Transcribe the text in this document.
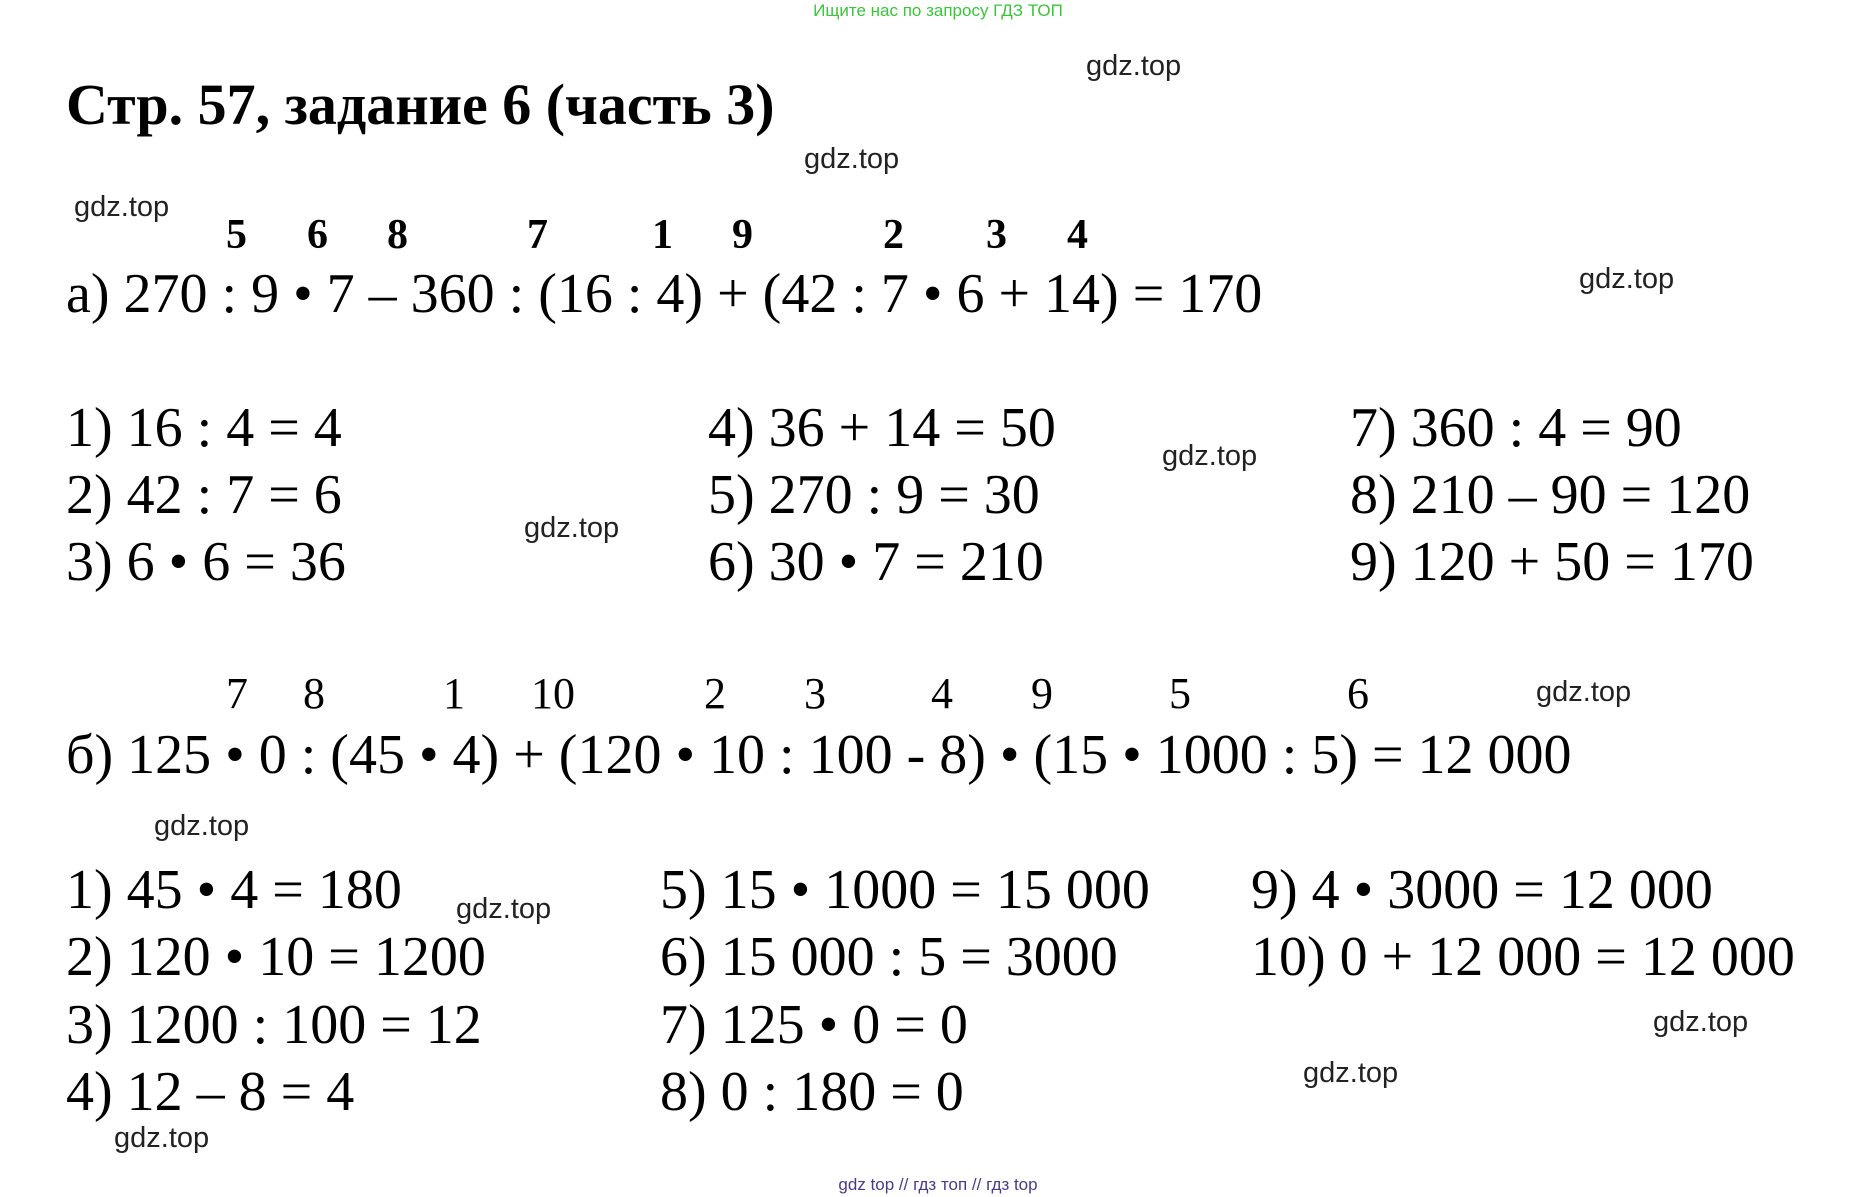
Ищите нас по запросу ГДЗ ТОП
Стр. 57, задание 6 (часть 3)
gdz.top
gdz.top
gdz.top
gdz.top
gdz.top
gdz.top
gdz.top
gdz.top
gdz.top
gdz.top
gdz.top
gdz.top
5 6 8	7 1 9	2 3 4
а) 270 : 9 • 7 – 360 : (16 : 4) + (42 : 7 • 6 + 14) = 170
1) 16 : 4 = 4
2) 42 : 7 = 6
3) 6 • 6 = 36
4) 36 + 14 = 50
5) 270 : 9 = 30
6) 30 • 7 = 210
7) 360 : 4 = 90
8) 210 – 90 = 120
9) 120 + 50 = 170
7 8	1 10	2 3 4 9	5	6
б) 125 • 0 : (45 • 4) + (120 • 10 : 100 - 8) • (15 • 1000 : 5) = 12 000
1) 45 • 4 = 180
2) 120 • 10 = 1200
3) 1200 : 100 = 12
4) 12 – 8 = 4
5) 15 • 1000 = 15 000
6) 15 000 : 5 = 3000
7) 125 • 0 = 0
8) 0 : 180 = 0
9) 4 • 3000 = 12 000
10) 0 + 12 000 = 12 000
gdz top // гдз топ // гдз top
